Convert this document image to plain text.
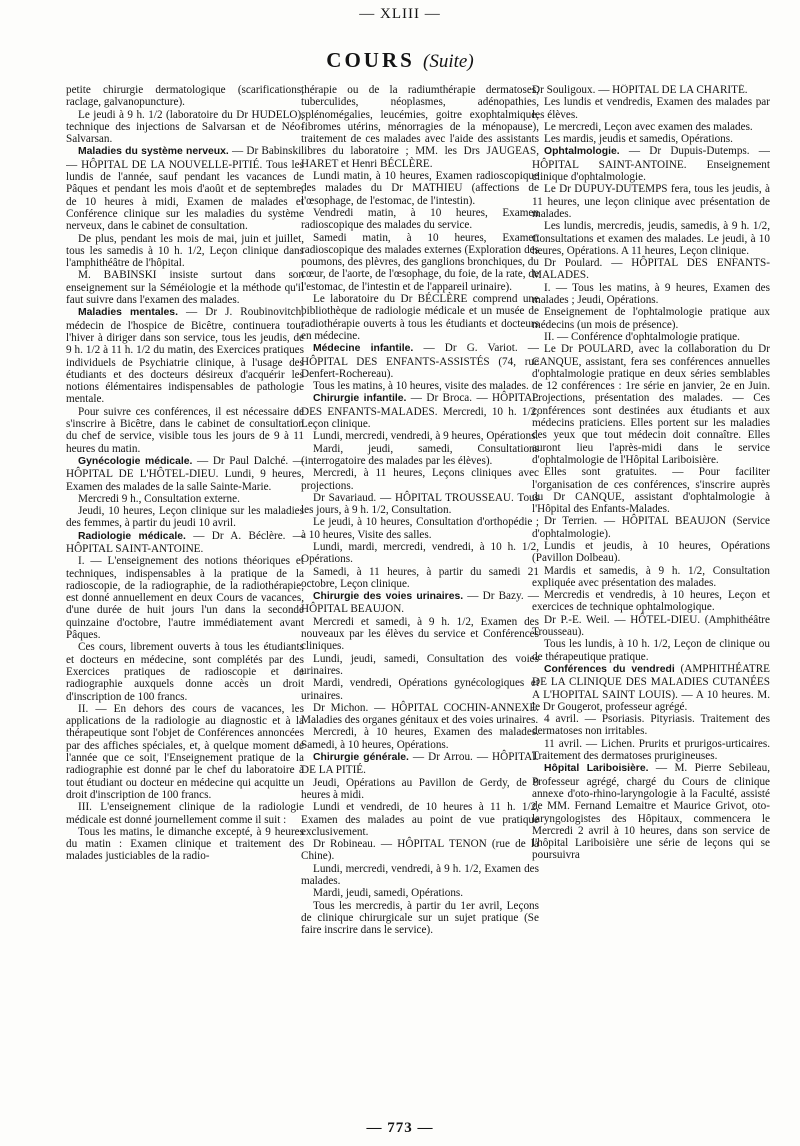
— XLIII —
COURS (Suite)

petite chirurgie dermatologique (scarifications, raclage, galvanopuncture).

Le jeudi à 9 h. 1/2 (laboratoire du Dr HUDELO), technique des injections de Salvarsan et de Néo-Salvarsan.

Maladies du système nerveux. — Dr Babinski. — HÔPITAL DE LA NOUVELLE-PITIÉ. Tous les lundis de l'année, sauf pendant les vacances de Pâques et pendant les mois d'août et de septembre, de 10 heures à midi, Examen de malades et Conférence clinique sur les maladies du système nerveux, dans le cabinet de consultation.

De plus, pendant les mois de mai, juin et juillet, tous les samedis à 10 h. 1/2, Leçon clinique dans l'amphithéâtre de l'hôpital.

M. BABINSKI insiste surtout dans son enseignement sur la Séméiologie et la méthode qu'il faut suivre dans l'examen des malades.

Maladies mentales. — Dr J. Roubinovitch, médecin de l'hospice de Bicêtre, continuera tout l'hiver à diriger dans son service, tous les jeudis, de 9 h. 1/2 à 11 h. 1/2 du matin, des Exercices pratiques individuels de Psychiatrie clinique, à l'usage des étudiants et des docteurs désireux d'acquérir les notions élémentaires indispensables de pathologie mentale.

Pour suivre ces conférences, il est nécessaire de s'inscrire à Bicêtre, dans le cabinet de consultation du chef de service, visible tous les jours de 9 à 11 heures du matin.

Gynécologie médicale. — Dr Paul Dalché. — HÔPITAL DE L'HÔTEL-DIEU. Lundi, 9 heures, Examen des malades de la salle Sainte-Marie.

Mercredi 9 h., Consultation externe.

Jeudi, 10 heures, Leçon clinique sur les maladies des femmes, à partir du jeudi 10 avril.

Radiologie médicale. — Dr A. Béclère. — HÔPITAL SAINT-ANTOINE.

I. — L'enseignement des notions théoriques et techniques, indispensables à la pratique de la radioscopie, de la radiographie, de la radiothérapie, est donné annuellement en deux Cours de vacances, d'une durée de huit jours l'un dans la seconde quinzaine d'octobre, l'autre immédiatement avant Pâques.

Ces cours, librement ouverts à tous les étudiants et docteurs en médecine, sont complétés par des Exercices pratiques de radioscopie et de radiographie auxquels donne accès un droit d'inscription de 100 francs.

II. — En dehors des cours de vacances, les applications de la radiologie au diagnostic et à la thérapeutique sont l'objet de Conférences annoncées par des affiches spéciales, et, à quelque moment de l'année que ce soit, l'Enseignement pratique de la radiographie est donné par le chef du laboratoire à tout étudiant ou docteur en médecine qui acquitte un droit d'inscription de 100 francs.

III. L'enseignement clinique de la radiologie médicale est donné journellement comme il suit :

Tous les matins, le dimanche excepté, à 9 heures du matin : Examen clinique et traitement des malades justiciables de la radio-

thérapie ou de la radiumthérapie dermatoses, tuberculides, néoplasmes, adénopathies, splénomégalies, leucémies, goitre exophtalmique, fibromes utérins, ménorragies de la ménopause), traitement de ces malades avec l'aide des assistants libres du laboratoire ; MM. les Drs JAUGEAS, HARET et Henri BÉCLÈRE.

Lundi matin, à 10 heures, Examen radioscopique des malades du Dr MATHIEU (affections de l'œsophage, de l'estomac, de l'intestin).

Vendredi matin, à 10 heures, Examen radioscopique des malades du service.

Samedi matin, à 10 heures, Examen radioscopique des malades externes (Exploration des poumons, des plèvres, des ganglions bronchiques, du cœur, de l'aorte, de l'œsophage, du foie, de la rate, de l'estomac, de l'intestin et de l'appareil urinaire).

Le laboratoire du Dr BÉCLÈRE comprend une bibliothèque de radiologie médicale et un musée de radiothérapie ouverts à tous les étudiants et docteurs en médecine.

Médecine infantile. — Dr G. Variot. — HÔPITAL DES ENFANTS-ASSISTÉS (74, rue Denfert-Rochereau).

Tous les matins, à 10 heures, visite des malades.

Chirurgie infantile. — Dr Broca. — HÔPITAL DES ENFANTS-MALADES. Mercredi, 10 h. 1/2, Leçon clinique.

Lundi, mercredi, vendredi, à 9 heures, Opérations.

Mardi, jeudi, samedi, Consultations (interrogatoire des malades par les élèves).

Mercredi, à 11 heures, Leçons cliniques avec projections.

Dr Savariaud. — HÔPITAL TROUSSEAU. Tous les jours, à 9 h. 1/2, Consultation.

Le jeudi, à 10 heures, Consultation d'orthopédie ; à 10 heures, Visite des salles.

Lundi, mardi, mercredi, vendredi, à 10 h. 1/2, Opérations.

Samedi, à 11 heures, à partir du samedi 21 octobre, Leçon clinique.

Chirurgie des voies urinaires. — Dr Bazy. — HÔPITAL BEAUJON.

Mercredi et samedi, à 9 h. 1/2, Examen des nouveaux par les élèves du service et Conférences cliniques.

Lundi, jeudi, samedi, Consultation des voies urinaires.

Mardi, vendredi, Opérations gynécologiques et urinaires.

Dr Michon. — HÔPITAL COCHIN-ANNEXE. Maladies des organes génitaux et des voies urinaires.

Mercredi, à 10 heures, Examen des malades. Samedi, à 10 heures, Opérations.

Chirurgie générale. — Dr Arrou. — HÔPITAL DE LA PITIÉ.

Jeudi, Opérations au Pavillon de Gerdy, de 9 heures à midi.

Lundi et vendredi, de 10 heures à 11 h. 1/2, Examen des malades au point de vue pratique exclusivement.

Dr Robineau. — HÔPITAL TENON (rue de la Chine).

Lundi, mercredi, vendredi, à 9 h. 1/2, Examen des malades.

Mardi, jeudi, samedi, Opérations.

Tous les mercredis, à partir du 1er avril, Leçons de clinique chirurgicale sur un sujet pratique (Se faire inscrire dans le service).

Dr Souligoux. — HÔPITAL DE LA CHARITÉ.

Les lundis et vendredis, Examen des malades par les élèves.

Le mercredi, Leçon avec examen des malades.

Les mardis, jeudis et samedis, Opérations.

Ophtalmologie. — Dr Dupuis-Dutemps. — HÔPITAL SAINT-ANTOINE. Enseignement clinique d'ophtalmologie.

Le Dr DUPUY-DUTEMPS fera, tous les jeudis, à 11 heures, une leçon clinique avec présentation de malades.

Les lundis, mercredis, jeudis, samedis, à 9 h. 1/2, Consultations et examen des malades. Le jeudi, à 10 heures, Opérations. A 11 heures, Leçon clinique.

Dr Poulard. — HÔPITAL DES ENFANTS-MALADES.

I. — Tous les matins, à 9 heures, Examen des malades ; Jeudi, Opérations.

Enseignement de l'ophtalmologie pratique aux médecins (un mois de présence).

II. — Conférence d'ophtalmologie pratique.

Le Dr POULARD, avec la collaboration du Dr CANQUE, assistant, fera ses conférences annuelles d'ophtalmologie pratique en deux séries semblables de 12 conférences : 1re série en janvier, 2e en Juin. Projections, présentation des malades. — Ces conférences sont destinées aux étudiants et aux médecins praticiens. Elles portent sur les maladies des yeux que tout médecin doit connaître. Elles auront lieu l'après-midi dans le service d'ophtalmologie de l'Hôpital Lariboisière.

Elles sont gratuites. — Pour faciliter l'organisation de ces conférences, s'inscrire auprès du Dr CANQUE, assistant d'ophtalmologie à l'Hôpital des Enfants-Malades.

Dr Terrien. — HÔPITAL BEAUJON (Service d'ophtalmologie).

Lundis et jeudis, à 10 heures, Opérations (Pavillon Dolbeau).

Mardis et samedis, à 9 h. 1/2, Consultation expliquée avec présentation des malades.

Mercredis et vendredis, à 10 heures, Leçon et exercices de technique ophtalmologique.

Dr P.-E. Weil. — HÔTEL-DIEU. (Amphithéâtre Trousseau).

Tous les lundis, à 10 h. 1/2, Leçon de clinique ou de thérapeutique pratique.

Conférences du vendredi (AMPHITHÉATRE DE LA CLINIQUE DES MALADIES CUTANÉES A L'HOPITAL SAINT LOUIS). — A 10 heures. M. le Dr Gougerot, professeur agrégé.

4 avril. — Psoriasis. Pityriasis. Traitement des dermatoses non irritables.

11 avril. — Lichen. Prurits et prurigos-urticaires. Traitement des dermatoses prurigineuses.

Hôpital Lariboisière. — M. Pierre Sebileau, Professeur agrégé, chargé du Cours de clinique annexe d'oto-rhino-laryngologie à la Faculté, assisté de MM. Fernand Lemaitre et Maurice Grivot, oto-laryngologistes des Hôpitaux, commencera le Mercredi 2 avril à 10 heures, dans son service de l'hôpital Lariboisière une série de leçons qui se poursuivra

— 773 —
